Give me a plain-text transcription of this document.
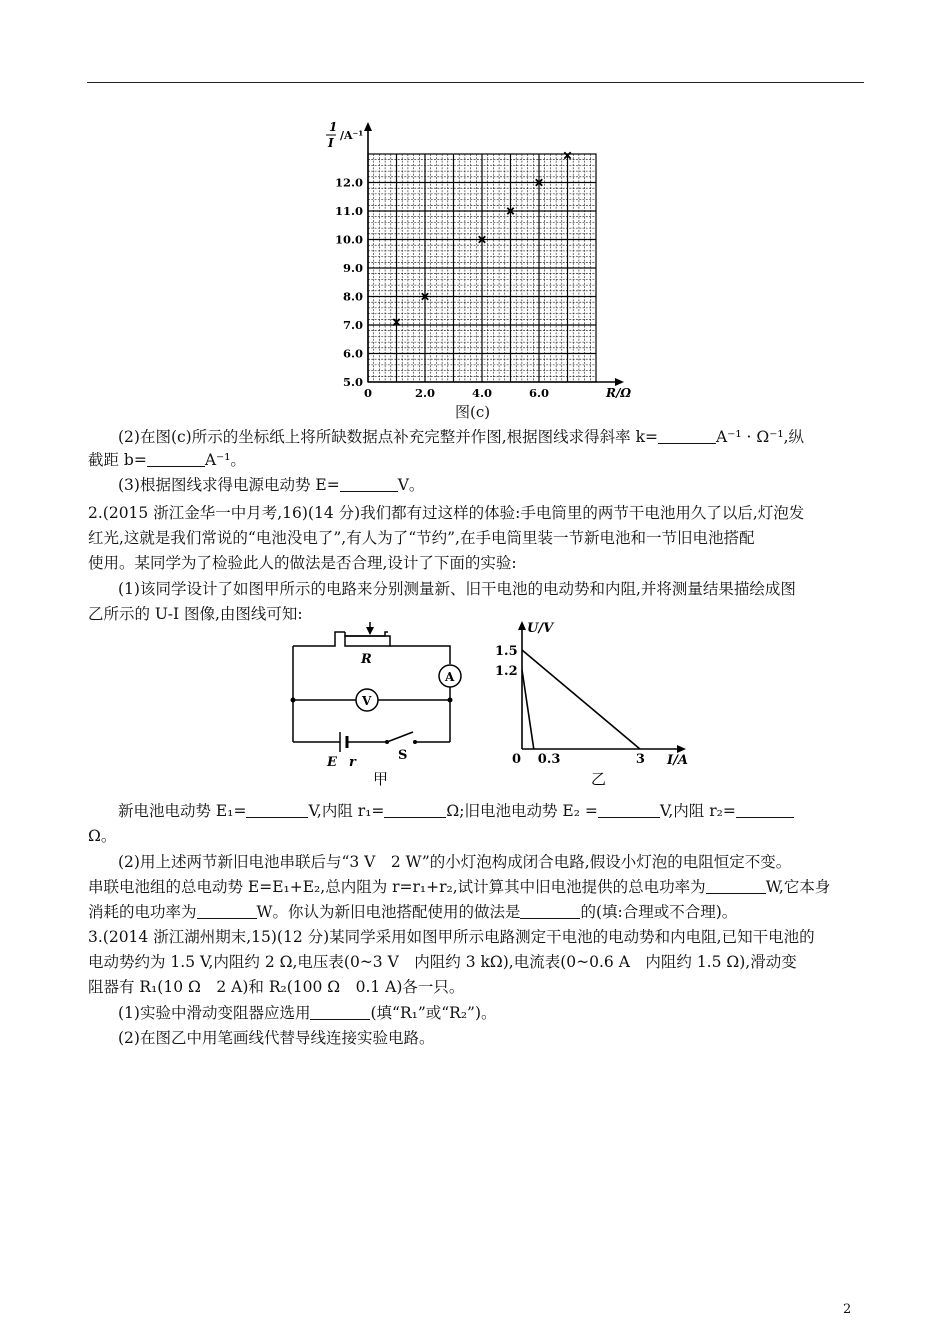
1
I
/A⁻¹
5.0
6.0
7.0
8.0
9.0
10.0
11.0
12.0
0	2.0	4.0	6.0	R/Ω
图(c)
(2)在图(c)所示的坐标纸上将所缺数据点补充完整并作图,根据图线求得斜率 k=	A⁻¹ · Ω⁻¹,纵
截距 b=	A⁻¹。
(3)根据图线求得电源电动势 E=	V。
2.(2015 浙江金华一中月考,16)(14 分)我们都有过这样的体验:手电筒里的两节干电池用久了以后,灯泡发
红光,这就是我们常说的“电池没电了”,有人为了“节约”,在手电筒里装一节新电池和一节旧电池搭配
使用。某同学为了检验此人的做法是否合理,设计了下面的实验:
(1)该同学设计了如图甲所示的电路来分别测量新、旧干电池的电动势和内阻,并将测量结果描绘成图
乙所示的 U-I 图像,由图线可知:
R
A
V
S
E r
甲
U/V
I/A
0
1.5
1.2
0.3	3
乙
新电池电动势 E₁=	V,内阻 r₁=	Ω;旧电池电动势 E₂ =	V,内阻 r₂=
Ω。
(2)用上述两节新旧电池串联后与“3 V　2 W”的小灯泡构成闭合电路,假设小灯泡的电阻恒定不变。
串联电池组的总电动势 E=E₁+E₂,总内阻为 r=r₁+r₂,试计算其中旧电池提供的总电功率为	W,它本身
消耗的电功率为	W。你认为新旧电池搭配使用的做法是	的(填:合理或不合理)。
3.(2014 浙江湖州期末,15)(12 分)某同学采用如图甲所示电路测定干电池的电动势和内电阻,已知干电池的
电动势约为 1.5 V,内阻约 2 Ω,电压表(0~3 V　内阻约 3 kΩ),电流表(0~0.6 A　内阻约 1.5 Ω),滑动变
阻器有 R₁(10 Ω　2 A)和 R₂(100 Ω　0.1 A)各一只。
(1)实验中滑动变阻器应选用	(填“R₁”或“R₂”)。
(2)在图乙中用笔画线代替导线连接实验电路。
2
